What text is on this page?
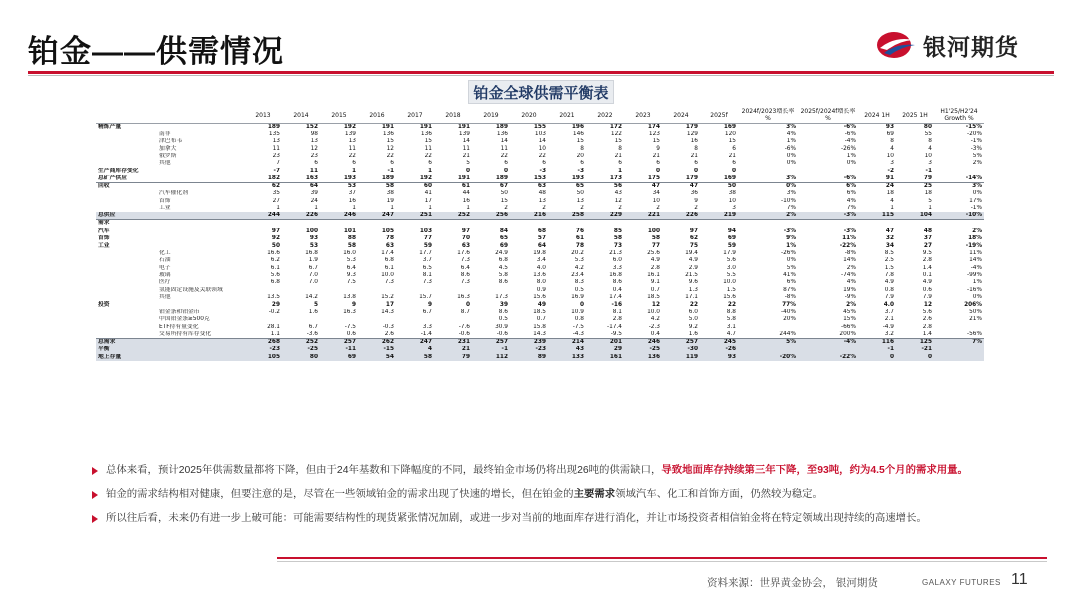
铂金——供需情况	银河期货
铂金全球供需平衡表
	2013	2014	2015	2016	2017	2018	2019	2020	2021	2022	2023	2024	2025f	2024f/2023增长率 %	2025f/2024f增长率 %	2024 1H	2025 1H	H1'25/H2'24 Growth %
精炼产量	189	152	192	191	191	191	189	155	196	172	174	179	169	3%	-6%	93	80	-15%
南非	135	98	139	136	136	139	136	103	146	122	123	129	120	4%	-6%	69	55	-20%
津巴布韦	13	13	13	15	15	14	14	14	15	15	15	16	15	1%	-4%	8	8	-1%
加拿大	11	12	11	12	11	11	11	10	8	8	9	8	6	-6%	-26%	4	4	-3%
俄罗斯	23	23	22	22	22	21	22	22	20	21	21	21	21	0%	1%	10	10	5%
其他	7	6	6	6	6	5	6	6	6	6	6	6	6	0%	0%	3	3	2%
生产商库存变化	-7	11	1	-1	1	0	0	-3	-3	1	0	0	0			-2	-1	
总矿产供应	182	163	193	189	192	191	189	153	193	173	175	179	169	3%	-6%	91	79	-14%
回收	62	64	53	58	60	61	67	63	65	56	47	47	50	0%	6%	24	25	3%
汽车催化剂	35	39	37	38	41	44	50	48	50	43	34	36	38	3%	6%	18	18	0%
首饰	27	24	16	19	17	16	15	13	13	12	10	9	10	-10%	4%	4	5	17%
工业	1	1	1	1	1	1	2	2	2	2	2	2	3	7%	7%	1	1	-1%
总供应	244	226	246	247	251	252	256	216	258	229	221	226	219	2%	-3%	115	104	-10%
需求																		
汽车	97	100	101	105	103	97	84	68	76	85	100	97	94	-3%	-3%	47	48	2%
首饰	92	93	88	78	77	70	65	57	61	58	58	62	69	9%	11%	32	37	18%
工业	50	53	58	63	59	63	69	64	78	73	77	75	59	1%	-22%	34	27	-19%
化工	16.6	16.8	16.0	17.4	17.7	17.6	24.9	19.8	20.2	21.3	25.6	19.4	17.9	-26%	-8%	8.5	9.5	11%
石油	6.2	1.9	5.3	6.8	3.7	7.3	6.8	3.4	5.3	6.0	4.9	4.9	5.6	0%	14%	2.5	2.8	14%
电子	6.1	6.7	6.4	6.1	6.5	6.4	4.5	4.0	4.2	3.3	2.8	2.9	3.0	5%	2%	1.5	1.4	-4%
玻璃	5.6	7.0	9.3	10.0	8.1	8.6	5.8	13.6	23.4	16.8	16.1	21.5	5.5	41%	-74%	7.8	0.1	-99%
医疗	6.8	7.0	7.5	7.3	7.3	7.3	8.6	8.0	8.3	8.6	9.1	9.6	10.0	6%	4%	4.9	4.9	1%
氢能固定设施及关联领域								0.9	0.5	0.4	0.7	1.3	1.5	87%	19%	0.8	0.6	-16%
其他	13.5	14.2	13.8	15.2	15.7	16.3	17.3	15.6	16.9	17.4	18.5	17.1	15.6	-8%	-9%	7.9	7.9	0%
投资	29	5	9	17	9	0	39	49	0	-16	12	22	22	77%	2%	4.0	12	206%
铂金条和铂金币	-0.2	1.6	16.3	14.3	6.7	8.7	8.6	18.5	10.9	8.1	10.0	6.0	8.8	-40%	45%	3.7	5.6	50%
中国铂金条≥500克							0.5	0.7	0.8	2.8	4.2	5.0	5.8	20%	15%	2.1	2.6	21%
ETF持有量变化	28.1	6.7	-7.5	-0.3	3.3	-7.6	30.9	15.8	-7.5	-17.4	-2.3	9.2	3.1		-66%	-4.9	2.8	
交易所持有库存变化	1.1	-3.6	0.6	2.6	-1.4	-0.6	-0.6	14.3	-4.3	-9.5	0.4	1.6	4.7	244%	200%	3.2	1.4	-56%
总需求	268	252	257	262	247	231	257	239	214	201	246	257	245	5%	-4%	116	125	7%
平衡	-23	-25	-11	-15	4	21	-1	-23	43	29	-25	-30	-26			-1	-21	
地上存量	105	80	69	54	58	79	112	89	133	161	136	119	93	-20%	-22%	0	0	
总体来看，预计2025年供需数量都将下降，但由于24年基数和下降幅度的不同，最终铂金市场仍将出现26吨的供需缺口，导致地面库存持续第三年下降，至93吨，约为4.5个月的需求用量。
铂金的需求结构相对健康，但要注意的是，尽管在一些领域铂金的需求出现了快速的增长，但在铂金的主要需求领域汽车、化工和首饰方面，仍然较为稳定。
所以往后看，未来仍有进一步上破可能：可能需要结构性的现货紧张情况加剧，或进一步对当前的地面库存进行消化，并让市场投资者相信铂金将在特定领域出现持续的高速增长。
资料来源：世界黄金协会， 银河期货	GALAXY FUTURES 11
